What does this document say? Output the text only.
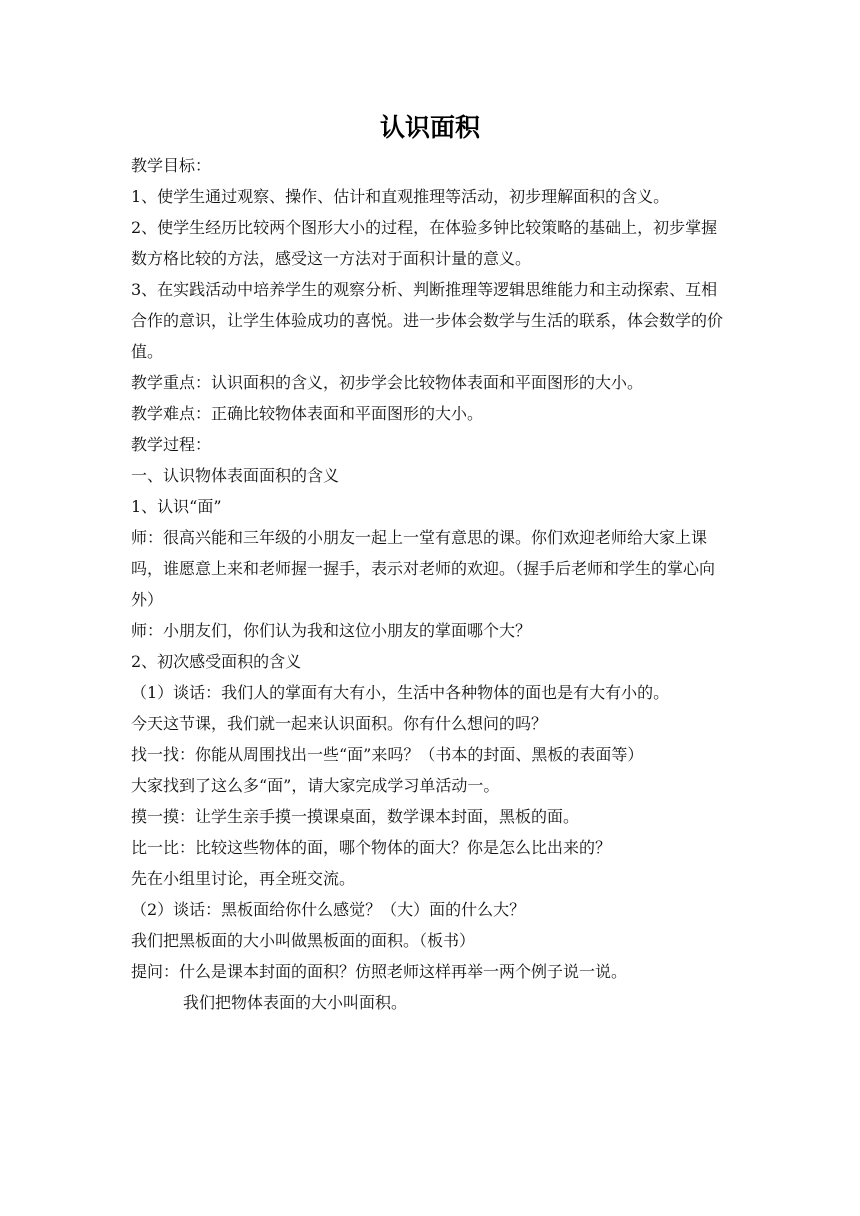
认识面积

教学目标：

1、使学生通过观察、操作、估计和直观推理等活动，初步理解面积的含义。

2、使学生经历比较两个图形大小的过程，在体验多钟比较策略的基础上，初步掌握数方格比较的方法，感受这一方法对于面积计量的意义。

3、在实践活动中培养学生的观察分析、判断推理等逻辑思维能力和主动探索、互相合作的意识，让学生体验成功的喜悦。进一步体会数学与生活的联系，体会数学的价值。

教学重点：认识面积的含义，初步学会比较物体表面和平面图形的大小。

教学难点：正确比较物体表面和平面图形的大小。

教学过程：

一、认识物体表面面积的含义

1、认识“面”

师：很高兴能和三年级的小朋友一起上一堂有意思的课。你们欢迎老师给大家上课吗，谁愿意上来和老师握一握手，表示对老师的欢迎。（握手后老师和学生的掌心向外）

师：小朋友们，你们认为我和这位小朋友的掌面哪个大？

2、初次感受面积的含义

（1）谈话：我们人的掌面有大有小，生活中各种物体的面也是有大有小的。

今天这节课，我们就一起来认识面积。你有什么想问的吗？

找一找：你能从周围找出一些“面”来吗？（书本的封面、黑板的表面等）

大家找到了这么多“面”，请大家完成学习单活动一。

摸一摸：让学生亲手摸一摸课桌面，数学课本封面，黑板的面。

比一比：比较这些物体的面，哪个物体的面大？你是怎么比出来的？

先在小组里讨论，再全班交流。

（2）谈话：黑板面给你什么感觉？（大）面的什么大？

我们把黑板面的大小叫做黑板面的面积。（板书）

提问：什么是课本封面的面积？仿照老师这样再举一两个例子说一说。

我们把物体表面的大小叫面积。
